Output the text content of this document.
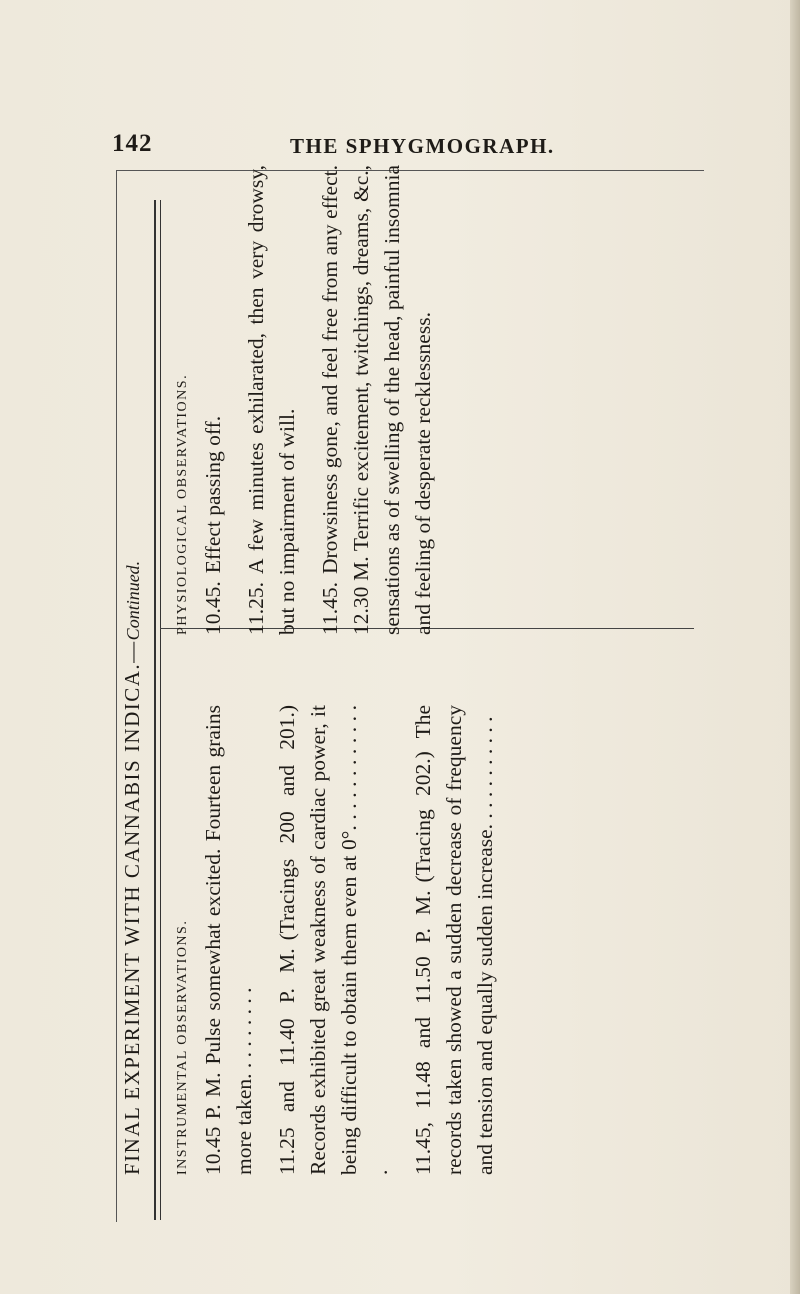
142	THE SPHYGMOGRAPH.
FINAL EXPERIMENT WITH CANNABIS INDICA.—Continued.
INSTRUMENTAL OBSERVATIONS. 10.45 P. M.Pulse somewhat excited. Fourteen grains more taken. . . . . . . . . 11.25 and 11.40 P. M.(Tracings 200 and 201.) Records exhibited great weakness of cardiac power, it being difficult to obtain them even at 0°. . . . . . . . . . . . . 11.45, 11.48 and 11.50 P. M.(Tracing 202.) The records taken showed a sudden decrease of frequency and tension and equally sudden increase. . . . . . . . . . .
PHYSIOLOGICAL OBSERVATIONS. 10.45.Effect passing off.
11.25.A few minutes exhilarated, then very drowsy, but no impairment of will. 11.45.Drowsiness gone, and feel free from any effect. 12.30 M. Terrific excitement, twitchings, dreams, &c., sensations as of swelling of the head, painful insomnia and feeling of desperate recklessness.
